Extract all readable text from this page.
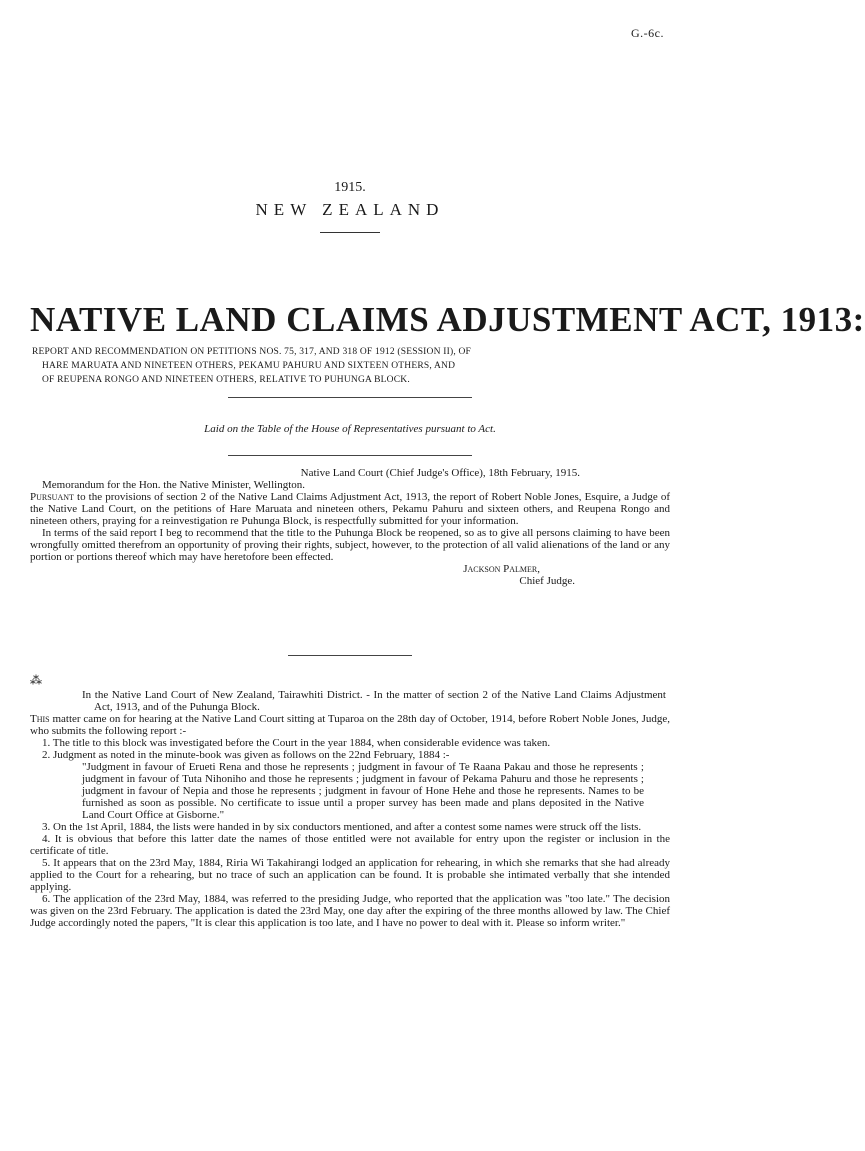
G.-6c.
1915.
NEW ZEALAND
NATIVE LAND CLAIMS ADJUSTMENT ACT, 1913:
REPORT AND RECOMMENDATION ON PETITIONS NOS. 75, 317, AND 318 OF 1912 (SESSION II), OF
HARE MARUATA AND NINETEEN OTHERS, PEKAMU PAHURU AND SIXTEEN OTHERS, AND
OF REUPENA RONGO AND NINETEEN OTHERS, RELATIVE TO PUHUNGA BLOCK.
Laid on the Table of the House of Representatives pursuant to Act.

Native Land Court (Chief Judge's Office), 18th February, 1915.

Memorandum for the Hon. the Native Minister, Wellington.

Pursuant to the provisions of section 2 of the Native Land Claims Adjustment Act, 1913, the report of Robert Noble Jones, Esquire, a Judge of the Native Land Court, on the petitions of Hare Maruata and nineteen others, Pekamu Pahuru and sixteen others, and Reupena Rongo and nineteen others, praying for a reinvestigation re Puhunga Block, is respectfully submitted for your information.

In terms of the said report I beg to recommend that the title to the Puhunga Block be reopened, so as to give all persons claiming to have been wrongfully omitted therefrom an opportunity of proving their rights, subject, however, to the protection of all valid alienations of the land or any portion or portions thereof which may have heretofore been effected.

Jackson Palmer,

Chief Judge.

⁂

In the Native Land Court of New Zealand, Tairawhiti District. - In the matter of section 2 of the Native Land Claims Adjustment Act, 1913, and of the Puhunga Block.

This matter came on for hearing at the Native Land Court sitting at Tuparoa on the 28th day of October, 1914, before Robert Noble Jones, Judge, who submits the following report :-

1. The title to this block was investigated before the Court in the year 1884, when considerable evidence was taken.

2. Judgment as noted in the minute-book was given as follows on the 22nd February, 1884 :-

"Judgment in favour of Erueti Rena and those he represents ; judgment in favour of Te Raana Pakau and those he represents ; judgment in favour of Tuta Nihoniho and those he represents ; judgment in favour of Pekama Pahuru and those he represents ; judgment in favour of Nepia and those he represents ; judgment in favour of Hone Hehe and those he represents. Names to be furnished as soon as possible. No certificate to issue until a proper survey has been made and plans deposited in the Native Land Court Office at Gisborne."

3. On the 1st April, 1884, the lists were handed in by six conductors mentioned, and after a contest some names were struck off the lists.

4. It is obvious that before this latter date the names of those entitled were not available for entry upon the register or inclusion in the certificate of title.

5. It appears that on the 23rd May, 1884, Riria Wi Takahirangi lodged an application for rehearing, in which she remarks that she had already applied to the Court for a rehearing, but no trace of such an application can be found. It is probable she intimated verbally that she intended applying.

6. The application of the 23rd May, 1884, was referred to the presiding Judge, who reported that the application was "too late." The decision was given on the 23rd February. The application is dated the 23rd May, one day after the expiring of the three months allowed by law. The Chief Judge accordingly noted the papers, "It is clear this application is too late, and I have no power to deal with it. Please so inform writer."
